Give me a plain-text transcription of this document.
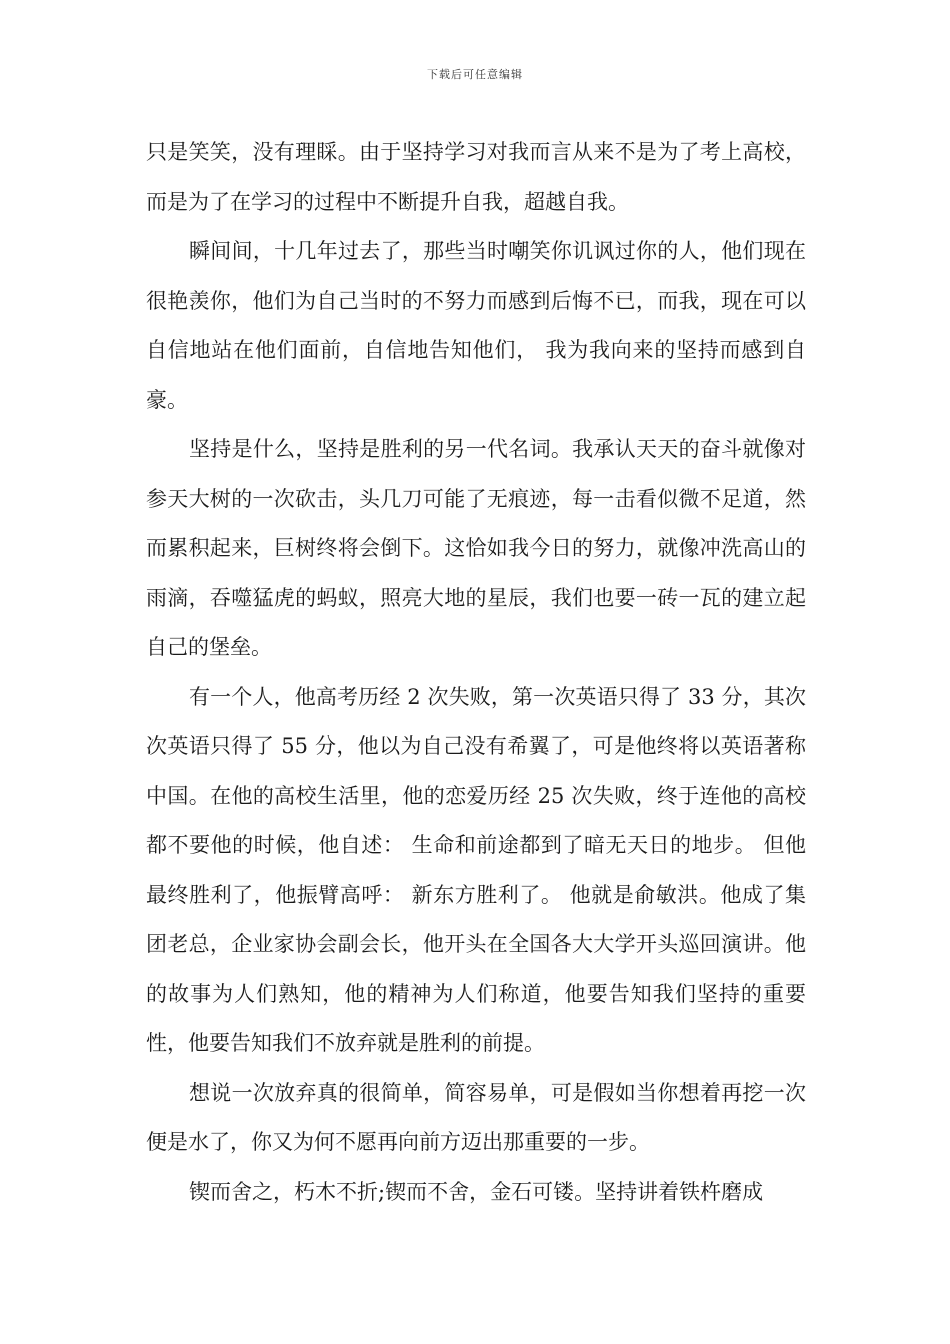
下载后可任意编辑

只是笑笑，没有理睬。由于坚持学习对我而言从来不是为了考上高校，而是为了在学习的过程中不断提升自我，超越自我。

瞬间间，十几年过去了，那些当时嘲笑你讥讽过你的人，他们现在很艳羡你，他们为自己当时的不努力而感到后悔不已，而我，现在可以自信地站在他们面前，自信地告知他们， 我为我向来的坚持而感到自豪。

坚持是什么，坚持是胜利的另一代名词。我承认天天的奋斗就像对参天大树的一次砍击，头几刀可能了无痕迹，每一击看似微不足道，然而累积起来，巨树终将会倒下。这恰如我今日的努力，就像冲洗高山的雨滴，吞噬猛虎的蚂蚁，照亮大地的星辰，我们也要一砖一瓦的建立起自己的堡垒。

有一个人，他高考历经 2 次失败，第一次英语只得了 33 分，其次次英语只得了 55 分，他以为自己没有希翼了，可是他终将以英语著称中国。在他的高校生活里，他的恋爱历经 25 次失败，终于连他的高校都不要他的时候，他自述： 生命和前途都到了暗无天日的地步。 但他最终胜利了，他振臂高呼： 新东方胜利了。 他就是俞敏洪。他成了集团老总，企业家协会副会长，他开头在全国各大大学开头巡回演讲。他的故事为人们熟知，他的精神为人们称道，他要告知我们坚持的重要性，他要告知我们不放弃就是胜利的前提。

想说一次放弃真的很简单，简容易单，可是假如当你想着再挖一次便是水了，你又为何不愿再向前方迈出那重要的一步。

锲而舍之，朽木不折;锲而不舍，金石可镂。坚持讲着铁杵磨成
